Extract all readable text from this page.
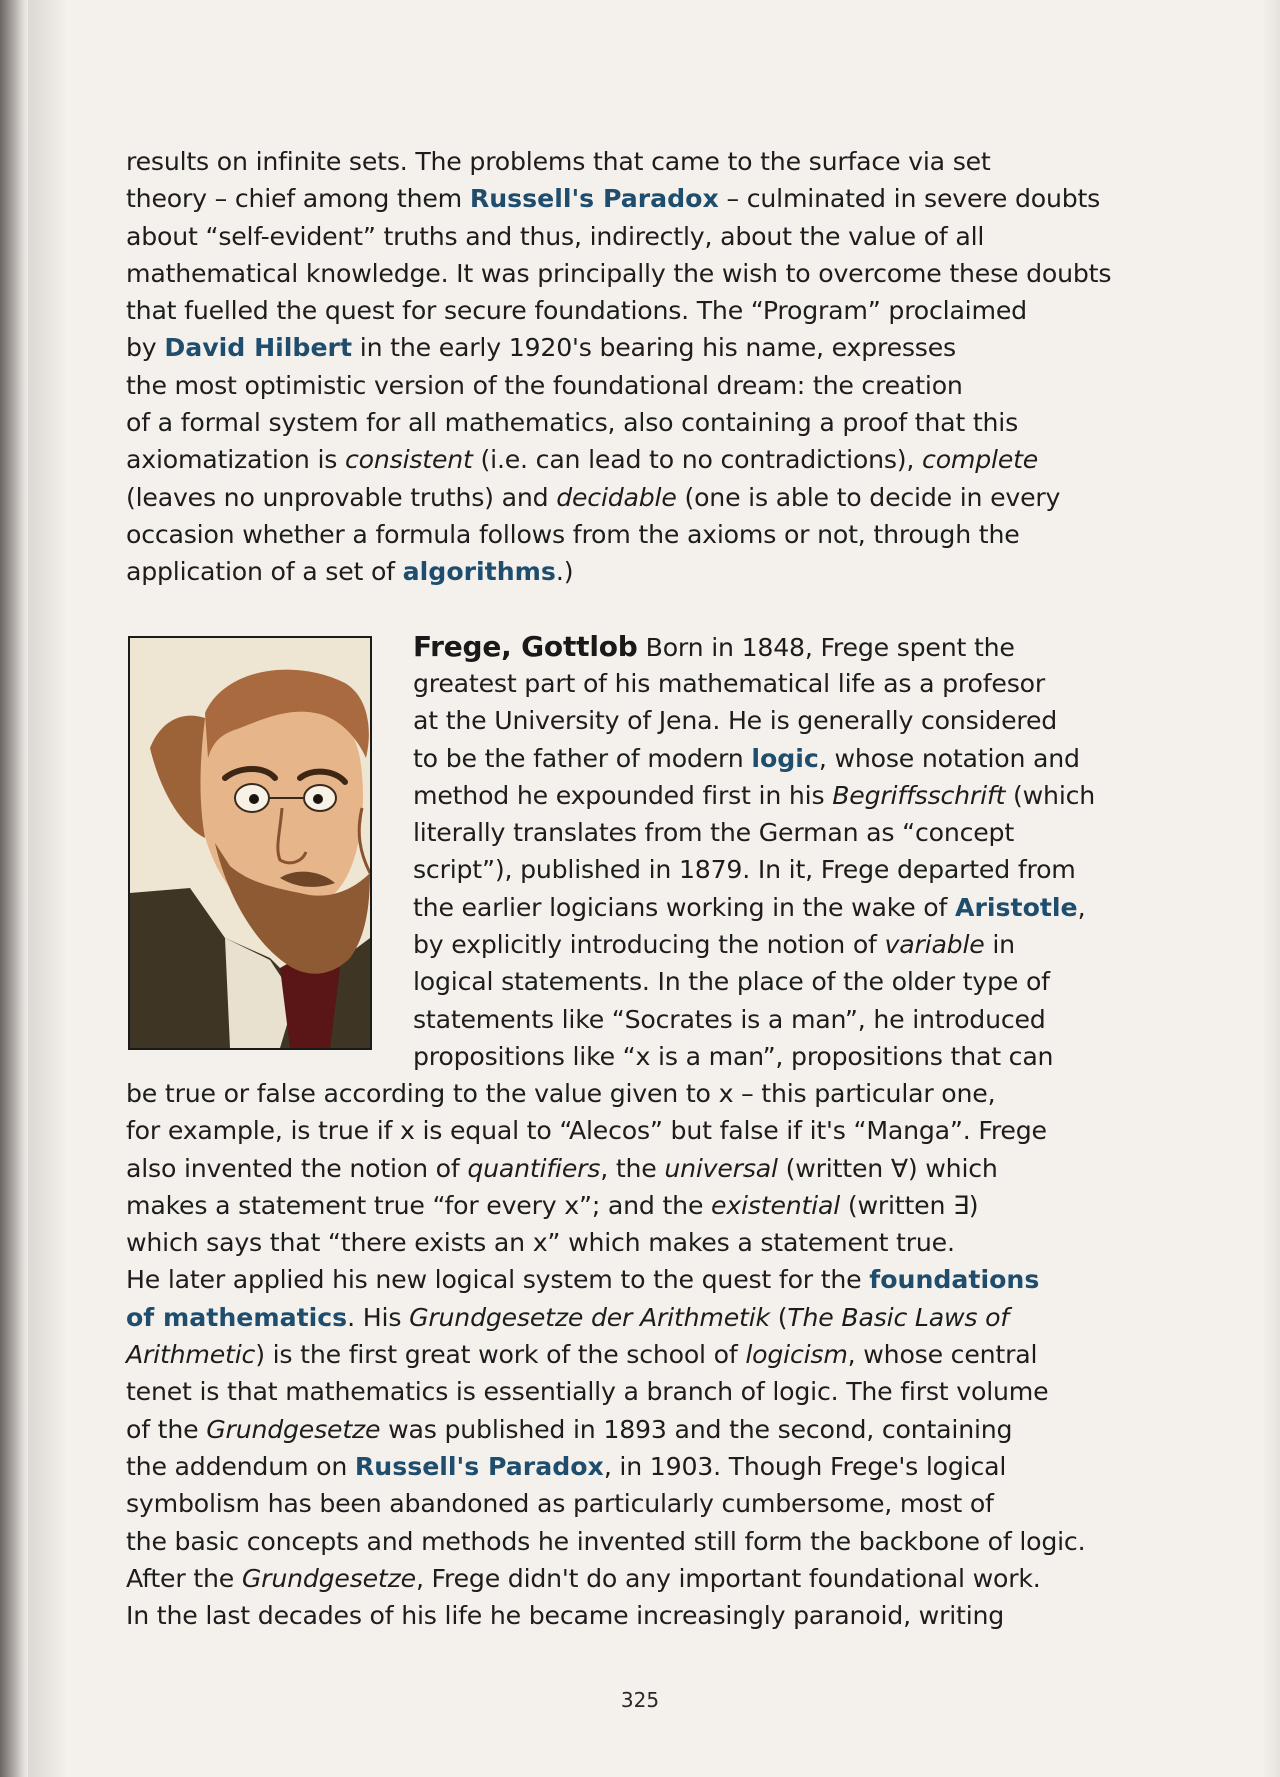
results on infinite sets. The problems that came to the surface via set
theory – chief among them Russell's Paradox – culminated in severe doubts
about “self-evident” truths and thus, indirectly, about the value of all
mathematical knowledge. It was principally the wish to overcome these doubts
that fuelled the quest for secure foundations. The “Program” proclaimed
by David Hilbert in the early 1920's bearing his name, expresses
the most optimistic version of the foundational dream: the creation
of a formal system for all mathematics, also containing a proof that this
axiomatization is consistent (i.e. can lead to no contradictions), complete
(leaves no unprovable truths) and decidable (one is able to decide in every
occasion whether a formula follows from the axioms or not, through the
application of a set of algorithms.)
Frege, Gottlob Born in 1848, Frege spent the
greatest part of his mathematical life as a profesor
at the University of Jena. He is generally considered
to be the father of modern logic, whose notation and
method he expounded first in his Begriffsschrift (which
literally translates from the German as “concept
script”), published in 1879. In it, Frege departed from
the earlier logicians working in the wake of Aristotle,
by explicitly introducing the notion of variable in
logical statements. In the place of the older type of
statements like “Socrates is a man”, he introduced
propositions like “x is a man”, propositions that can
be true or false according to the value given to x – this particular one,
for example, is true if x is equal to “Alecos” but false if it's “Manga”. Frege
also invented the notion of quantifiers, the universal (written ∀) which
makes a statement true “for every x”; and the existential (written ∃)
which says that “there exists an x” which makes a statement true.
He later applied his new logical system to the quest for the foundations
of mathematics. His Grundgesetze der Arithmetik (The Basic Laws of
Arithmetic) is the first great work of the school of logicism, whose central
tenet is that mathematics is essentially a branch of logic. The first volume
of the Grundgesetze was published in 1893 and the second, containing
the addendum on Russell's Paradox, in 1903. Though Frege's logical
symbolism has been abandoned as particularly cumbersome, most of
the basic concepts and methods he invented still form the backbone of logic.
After the Grundgesetze, Frege didn't do any important foundational work.
In the last decades of his life he became increasingly paranoid, writing
325
